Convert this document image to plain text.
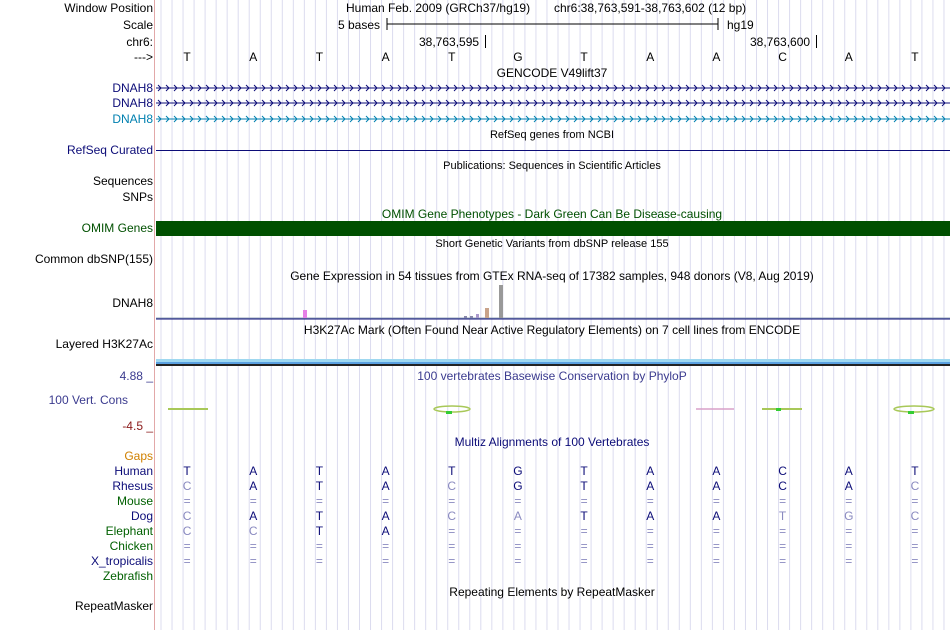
Window Position
Scale
chr6:
--->
Human Feb. 2009 (GRCh37/hg19) chr6:38,763,591-38,763,602 (12 bp)
5 bases	hg19
38,763,595	38,763,600
T	A	T	A	T	G	T	A	A	C	A	T
GENCODE V49lift37
DNAH8
DNAH8
DNAH8
RefSeq genes from NCBI
RefSeq Curated
Publications: Sequences in Scientific Articles
Sequences
SNPs
OMIM Gene Phenotypes - Dark Green Can Be Disease-causing
OMIM Genes
Short Genetic Variants from dbSNP release 155
Common dbSNP(155)
Gene Expression in 54 tissues from GTEx RNA-seq of 17382 samples, 948 donors (V8, Aug 2019)
DNAH8
H3K27Ac Mark (Often Found Near Active Regulatory Elements) on 7 cell lines from ENCODE
Layered H3K27Ac
100 vertebrates Basewise Conservation by PhyloP
4.88 _
100 Vert. Cons
-4.5 _
Multiz Alignments of 100 Vertebrates
Gaps
Human	T	A	T	A	T	G	T	A	A	C	A	T
Rhesus C	A	T	A	C	G	T	A	A	C	A	C
Mouse	=	=	=	=	=	=	=	=	=	=	=	=
Dog C	A	T	A	C	A	T	A	A	T	G	C
Elephant C	C	T	A	=	=	=	=	=	=	=	=
Chicken	=	=	=	=	=	=	=	=	=	=	=	=
X_tropicalis	=	=	=	=	=	=	=	=	=	=	=	=
Zebrafish
Repeating Elements by RepeatMasker
RepeatMasker
